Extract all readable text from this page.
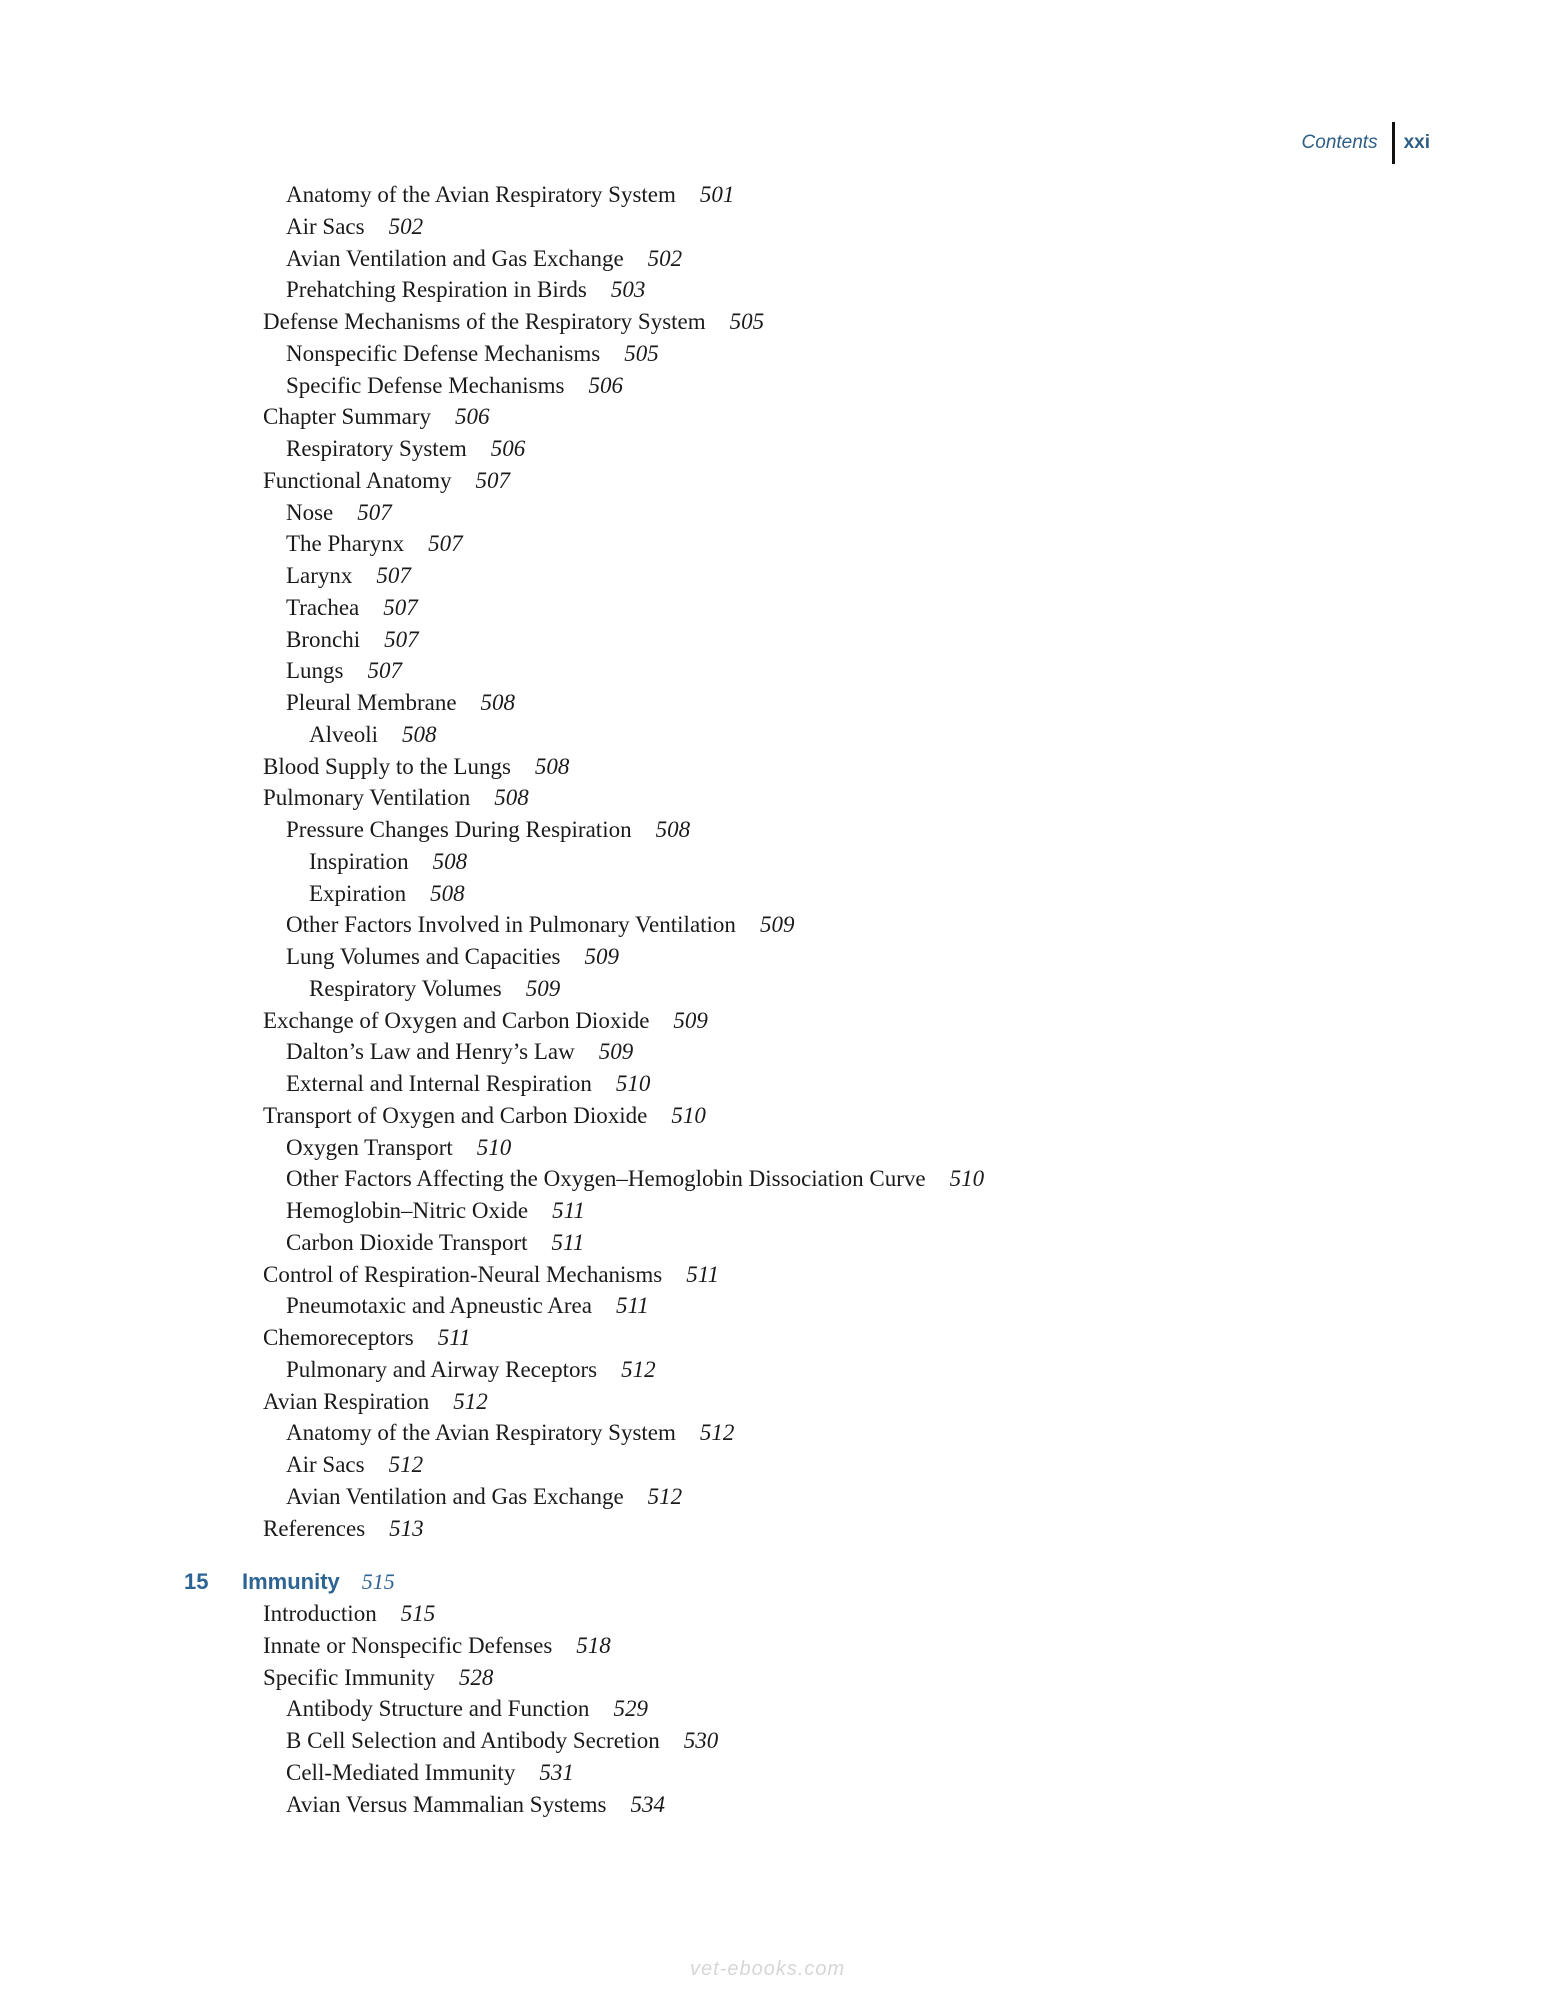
Contents xxi
Anatomy of the Avian Respiratory System 501
Air Sacs 502
Avian Ventilation and Gas Exchange 502
Prehatching Respiration in Birds 503
Defense Mechanisms of the Respiratory System 505
Nonspecific Defense Mechanisms 505
Specific Defense Mechanisms 506
Chapter Summary 506
Respiratory System 506
Functional Anatomy 507
Nose 507
The Pharynx 507
Larynx 507
Trachea 507
Bronchi 507
Lungs 507
Pleural Membrane 508
Alveoli 508
Blood Supply to the Lungs 508
Pulmonary Ventilation 508
Pressure Changes During Respiration 508
Inspiration 508
Expiration 508
Other Factors Involved in Pulmonary Ventilation 509
Lung Volumes and Capacities 509
Respiratory Volumes 509
Exchange of Oxygen and Carbon Dioxide 509
Dalton’s Law and Henry’s Law 509
External and Internal Respiration 510
Transport of Oxygen and Carbon Dioxide 510
Oxygen Transport 510
Other Factors Affecting the Oxygen–Hemoglobin Dissociation Curve 510
Hemoglobin–Nitric Oxide 511
Carbon Dioxide Transport 511
Control of Respiration-Neural Mechanisms 511
Pneumotaxic and Apneustic Area 511
Chemoreceptors 511
Pulmonary and Airway Receptors 512
Avian Respiration 512
Anatomy of the Avian Respiratory System 512
Air Sacs 512
Avian Ventilation and Gas Exchange 512
References 513
15 Immunity 515
Introduction 515
Innate or Nonspecific Defenses 518
Specific Immunity 528
Antibody Structure and Function 529
B Cell Selection and Antibody Secretion 530
Cell-Mediated Immunity 531
Avian Versus Mammalian Systems 534
vet-ebooks.com
